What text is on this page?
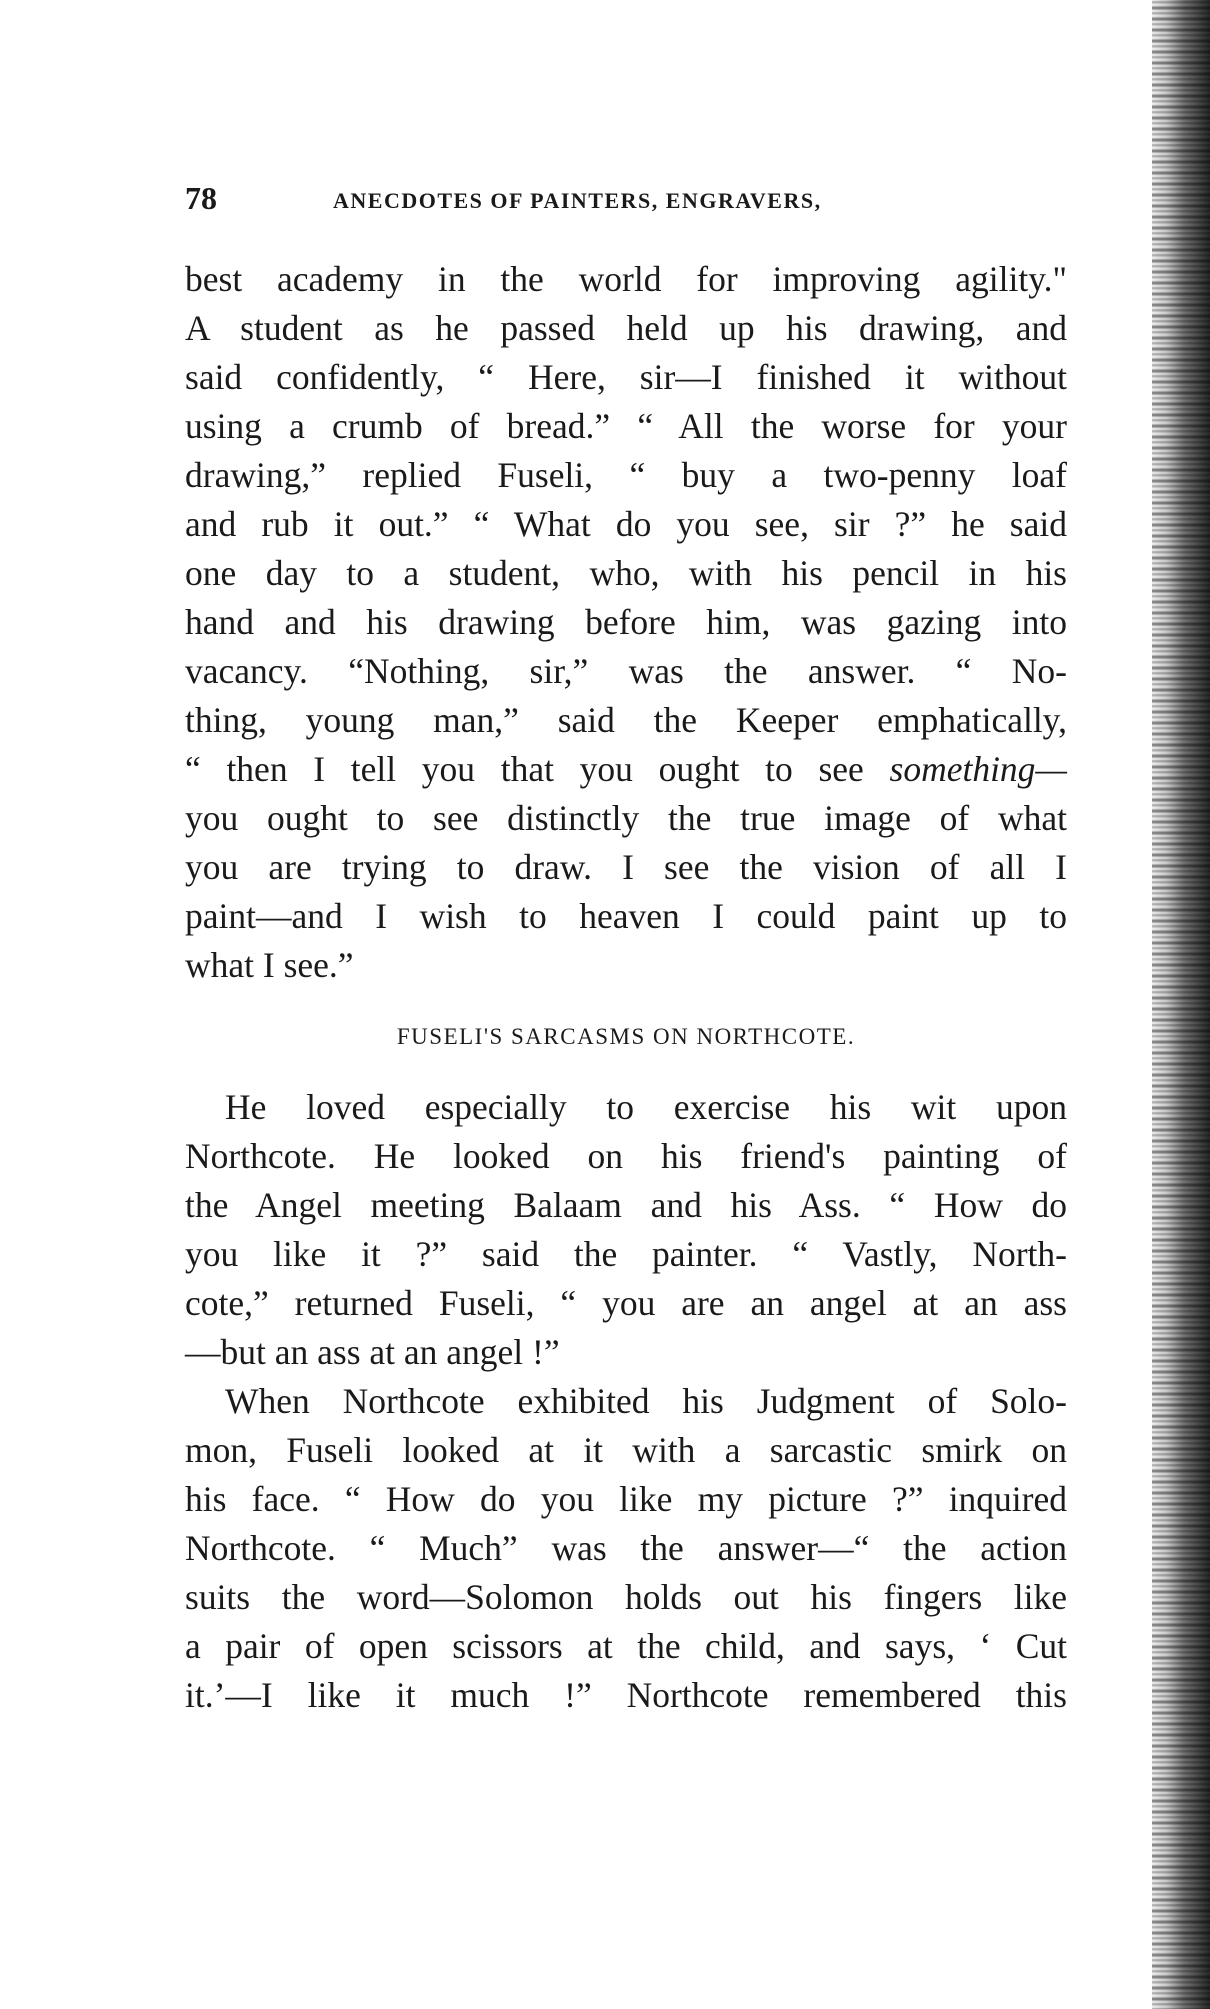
78	ANECDOTES OF PAINTERS, ENGRAVERS,

best academy in the world for improving agility."
A student as he passed held up his drawing, and
said confidently, “ Here, sir—I finished it without
using a crumb of bread.” “ All the worse for your
drawing,” replied Fuseli, “ buy a two-penny loaf
and rub it out.” “ What do you see, sir ?” he said
one day to a student, who, with his pencil in his
hand and his drawing before him, was gazing into
vacancy. “Nothing, sir,” was the answer. “ No-
thing, young man,” said the Keeper emphatically,
“ then I tell you that you ought to see something—
you ought to see distinctly the true image of what
you are trying to draw. I see the vision of all I
paint—and I wish to heaven I could paint up to
what I see.”

FUSELI'S SARCASMS ON NORTHCOTE.

He loved especially to exercise his wit upon
Northcote. He looked on his friend's painting of
the Angel meeting Balaam and his Ass. “ How do
you like it ?” said the painter. “ Vastly, North-
cote,” returned Fuseli, “ you are an angel at an ass
—but an ass at an angel !”

When Northcote exhibited his Judgment of Solo-
mon, Fuseli looked at it with a sarcastic smirk on
his face. “ How do you like my picture ?” inquired
Northcote. “ Much” was the answer—“ the action
suits the word—Solomon holds out his fingers like
a pair of open scissors at the child, and says, ‘ Cut
it.’—I like it much !” Northcote remembered this
